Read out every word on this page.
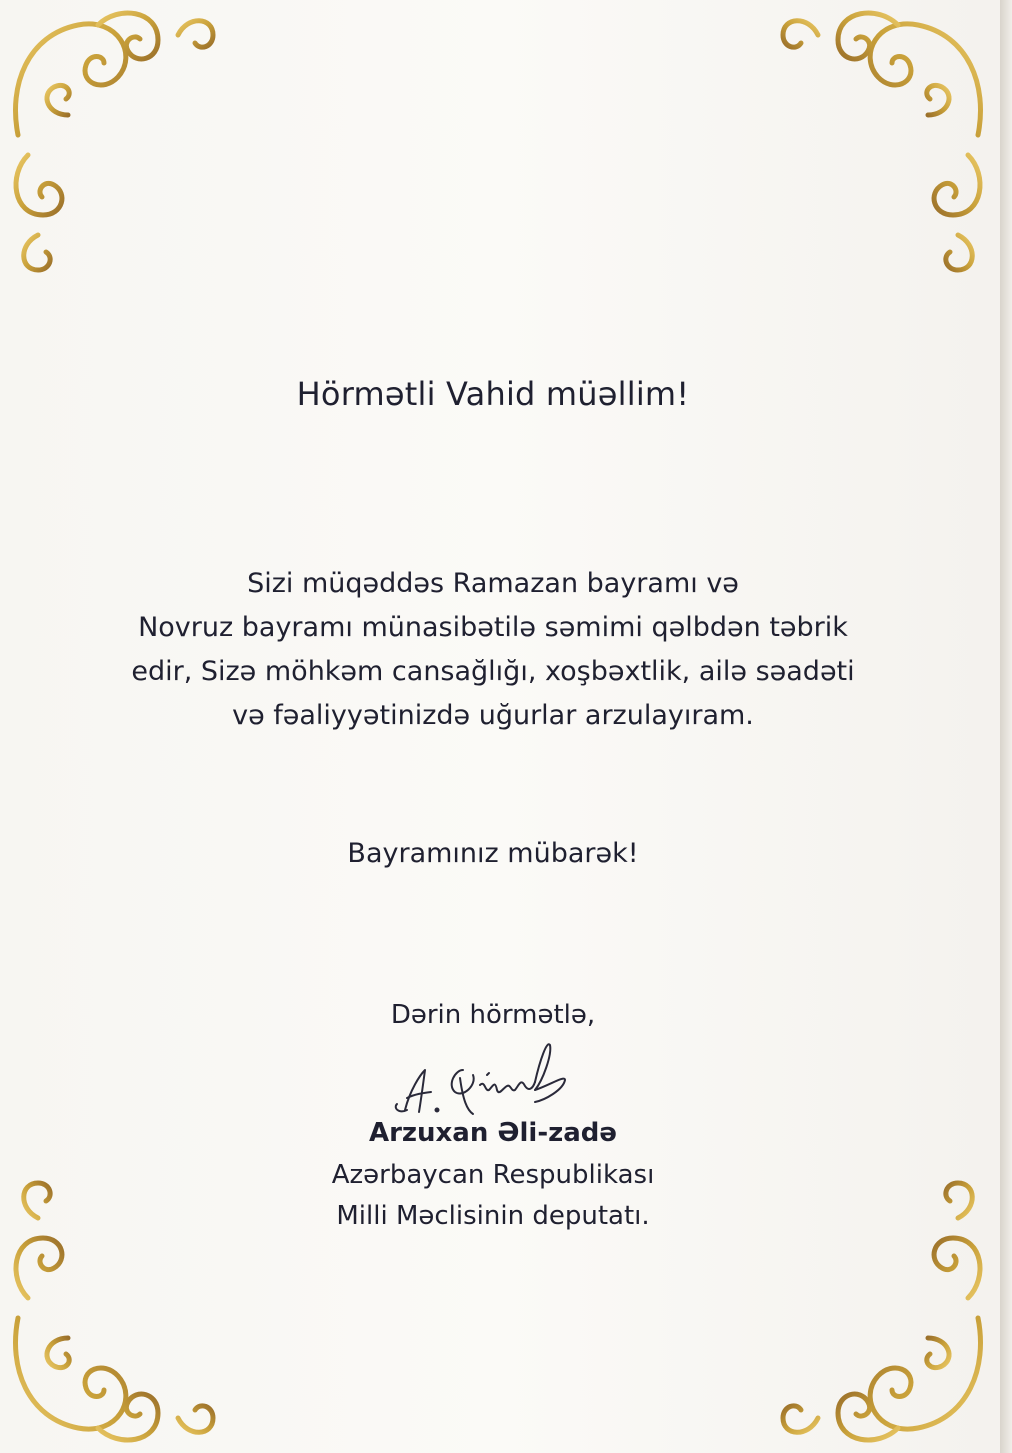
Hörmətli Vahid müəllim!

Sizi müqəddəs Ramazan bayramı və
Novruz bayramı münasibətilə səmimi qəlbdən təbrik
edir, Sizə möhkəm cansağlığı, xoşbəxtlik, ailə səadəti
və fəaliyyətinizdə uğurlar arzulayıram.

Bayramınız mübarək!

Dərin hörmətlə,

Arzuxan Əli-zadə

Azərbaycan Respublikası

Milli Məclisinin deputatı.
